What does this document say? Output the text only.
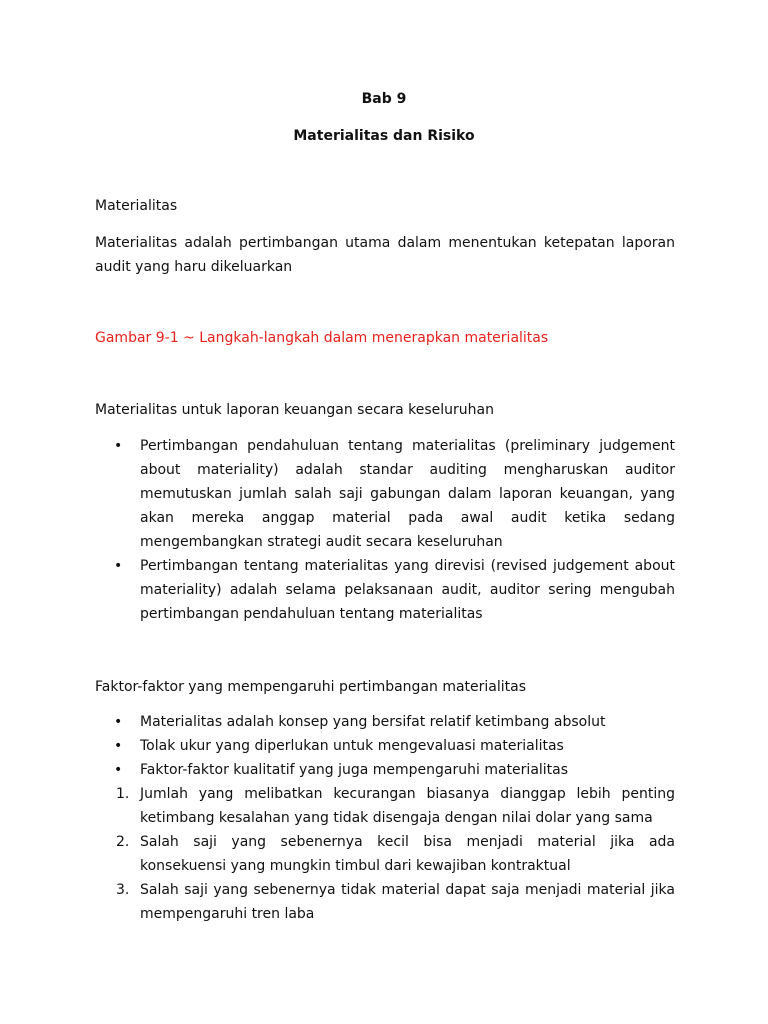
Bab 9
Materialitas dan Risiko

Materialitas

Materialitas adalah pertimbangan utama dalam menentukan ketepatan laporan audit yang haru dikeluarkan

Gambar 9-1 ~ Langkah-langkah dalam menerapkan materialitas

Materialitas untuk laporan keuangan secara keseluruhan

• Pertimbangan pendahuluan tentang materialitas (preliminary judgement about materiality) adalah standar auditing mengharuskan auditor memutuskan jumlah salah saji gabungan dalam laporan keuangan, yang akan mereka anggap material pada awal audit ketika sedang mengembangkan strategi audit secara keseluruhan
• Pertimbangan tentang materialitas yang direvisi (revised judgement about materiality) adalah selama pelaksanaan audit, auditor sering mengubah pertimbangan pendahuluan tentang materialitas

Faktor-faktor yang mempengaruhi pertimbangan materialitas

• Materialitas adalah konsep yang bersifat relatif ketimbang absolut
• Tolak ukur yang diperlukan untuk mengevaluasi materialitas
• Faktor-faktor kualitatif yang juga mempengaruhi materialitas
1. Jumlah yang melibatkan kecurangan biasanya dianggap lebih penting ketimbang kesalahan yang tidak disengaja dengan nilai dolar yang sama
2. Salah saji yang sebenernya kecil bisa menjadi material jika ada konsekuensi yang mungkin timbul dari kewajiban kontraktual
3. Salah saji yang sebenernya tidak material dapat saja menjadi material jika mempengaruhi tren laba
